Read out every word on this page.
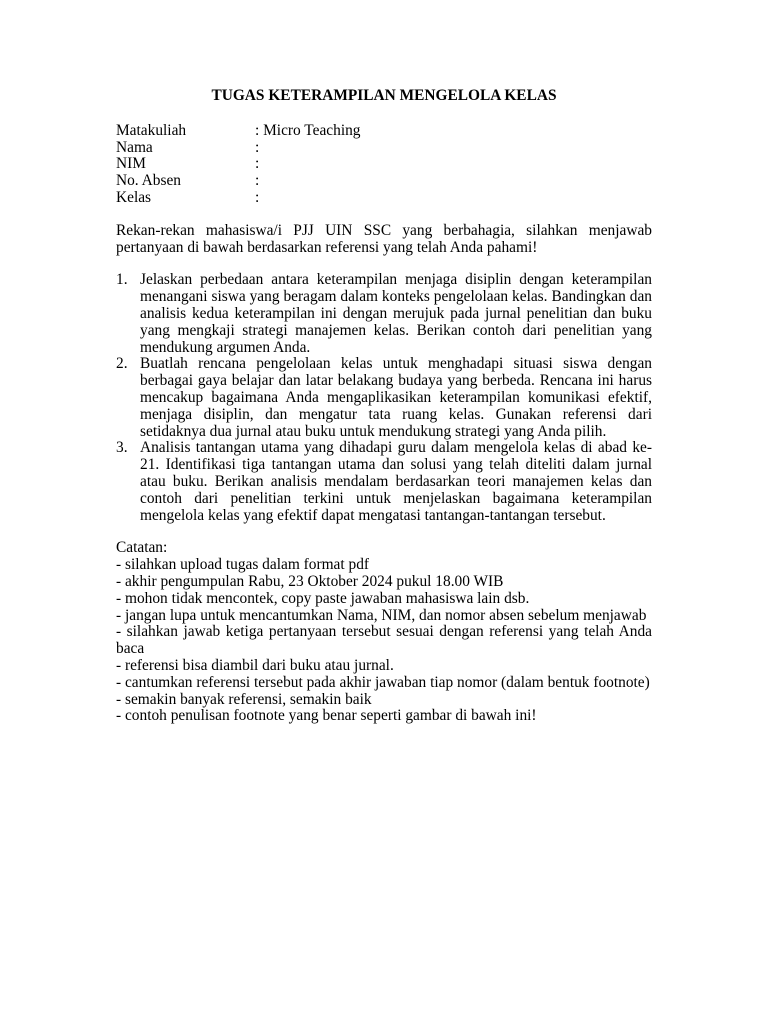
TUGAS KETERAMPILAN MENGELOLA KELAS
Matakuliah	: Micro Teaching
Nama	:
NIM	:
No. Absen	:
Kelas	:

Rekan-rekan mahasiswa/i PJJ UIN SSC yang berbahagia, silahkan menjawab pertanyaan di bawah berdasarkan referensi yang telah Anda pahami!

1. Jelaskan perbedaan antara keterampilan menjaga disiplin dengan keterampilan menangani siswa yang beragam dalam konteks pengelolaan kelas. Bandingkan dan analisis kedua keterampilan ini dengan merujuk pada jurnal penelitian dan buku yang mengkaji strategi manajemen kelas. Berikan contoh dari penelitian yang mendukung argumen Anda.
2. Buatlah rencana pengelolaan kelas untuk menghadapi situasi siswa dengan berbagai gaya belajar dan latar belakang budaya yang berbeda. Rencana ini harus mencakup bagaimana Anda mengaplikasikan keterampilan komunikasi efektif, menjaga disiplin, dan mengatur tata ruang kelas. Gunakan referensi dari setidaknya dua jurnal atau buku untuk mendukung strategi yang Anda pilih.
3. Analisis tantangan utama yang dihadapi guru dalam mengelola kelas di abad ke-21. Identifikasi tiga tantangan utama dan solusi yang telah diteliti dalam jurnal atau buku. Berikan analisis mendalam berdasarkan teori manajemen kelas dan contoh dari penelitian terkini untuk menjelaskan bagaimana keterampilan mengelola kelas yang efektif dapat mengatasi tantangan-tantangan tersebut.
Catatan:
- silahkan upload tugas dalam format pdf
- akhir pengumpulan Rabu, 23 Oktober 2024 pukul 18.00 WIB
- mohon tidak mencontek, copy paste jawaban mahasiswa lain dsb.
- jangan lupa untuk mencantumkan Nama, NIM, dan nomor absen sebelum menjawab
- silahkan jawab ketiga pertanyaan tersebut sesuai dengan referensi yang telah Anda baca
- referensi bisa diambil dari buku atau jurnal.
- cantumkan referensi tersebut pada akhir jawaban tiap nomor (dalam bentuk footnote)
- semakin banyak referensi, semakin baik
- contoh penulisan footnote yang benar seperti gambar di bawah ini!
